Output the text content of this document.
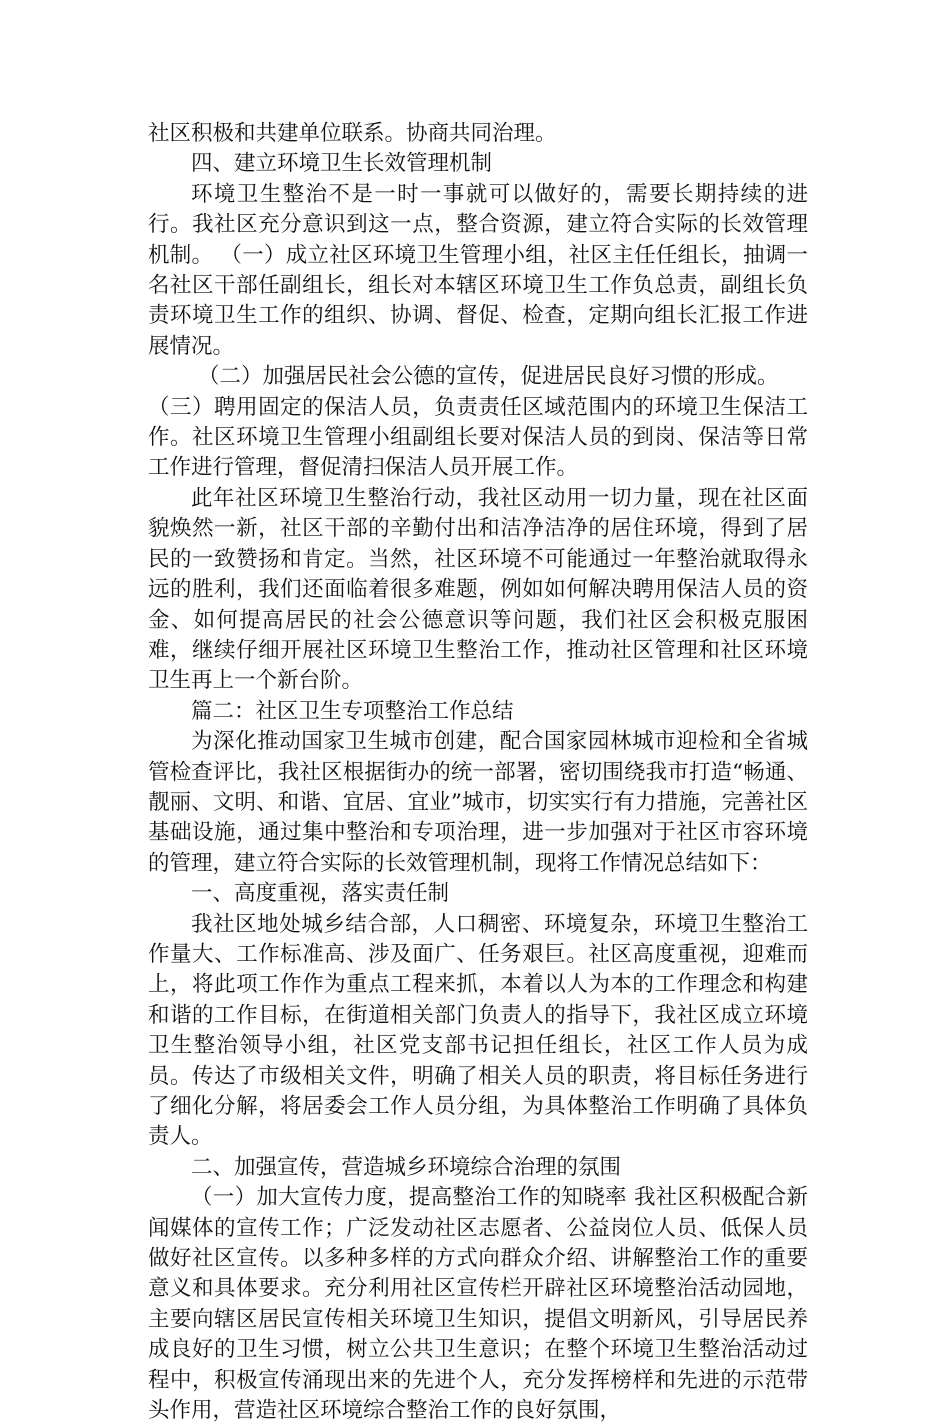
社区积极和共建单位联系。协商共同治理。

四、建立环境卫生长效管理机制

环境卫生整治不是一时一事就可以做好的，需要长期持续的进行。我社区充分意识到这一点，整合资源，建立符合实际的长效管理机制。 （一）成立社区环境卫生管理小组，社区主任任组长，抽调一名社区干部任副组长，组长对本辖区环境卫生工作负总责，副组长负责环境卫生工作的组织、协调、督促、检查，定期向组长汇报工作进展情况。

（二）加强居民社会公德的宣传，促进居民良好习惯的形成。

（三）聘用固定的保洁人员，负责责任区域范围内的环境卫生保洁工作。社区环境卫生管理小组副组长要对保洁人员的到岗、保洁等日常工作进行管理，督促清扫保洁人员开展工作。

此年社区环境卫生整治行动，我社区动用一切力量，现在社区面貌焕然一新，社区干部的辛勤付出和洁净洁净的居住环境，得到了居民的一致赞扬和肯定。当然，社区环境不可能通过一年整治就取得永远的胜利，我们还面临着很多难题，例如如何解决聘用保洁人员的资金、如何提高居民的社会公德意识等问题，我们社区会积极克服困难，继续仔细开展社区环境卫生整治工作，推动社区管理和社区环境卫生再上一个新台阶。

篇二：社区卫生专项整治工作总结

为深化推动国家卫生城市创建，配合国家园林城市迎检和全省城管检查评比，我社区根据街办的统一部署，密切围绕我市打造“畅通、靓丽、文明、和谐、宜居、宜业”城市，切实实行有力措施，完善社区基础设施，通过集中整治和专项治理，进一步加强对于社区市容环境的管理，建立符合实际的长效管理机制，现将工作情况总结如下：

一、高度重视，落实责任制

我社区地处城乡结合部，人口稠密、环境复杂，环境卫生整治工作量大、工作标准高、涉及面广、任务艰巨。社区高度重视，迎难而上，将此项工作作为重点工程来抓，本着以人为本的工作理念和构建和谐的工作目标，在街道相关部门负责人的指导下，我社区成立环境卫生整治领导小组，社区党支部书记担任组长，社区工作人员为成员。传达了市级相关文件，明确了相关人员的职责，将目标任务进行了细化分解，将居委会工作人员分组，为具体整治工作明确了具体负责人。

二、加强宣传，营造城乡环境综合治理的氛围

（一）加大宣传力度，提高整治工作的知晓率 我社区积极配合新闻媒体的宣传工作；广泛发动社区志愿者、公益岗位人员、低保人员做好社区宣传。以多种多样的方式向群众介绍、讲解整治工作的重要意义和具体要求。充分利用社区宣传栏开辟社区环境整治活动园地，主要向辖区居民宣传相关环境卫生知识，提倡文明新风，引导居民养成良好的卫生习惯，树立公共卫生意识；在整个环境卫生整治活动过程中，积极宣传涌现出来的先进个人，充分发挥榜样和先进的示范带头作用，营造社区环境综合整治工作的良好氛围，
